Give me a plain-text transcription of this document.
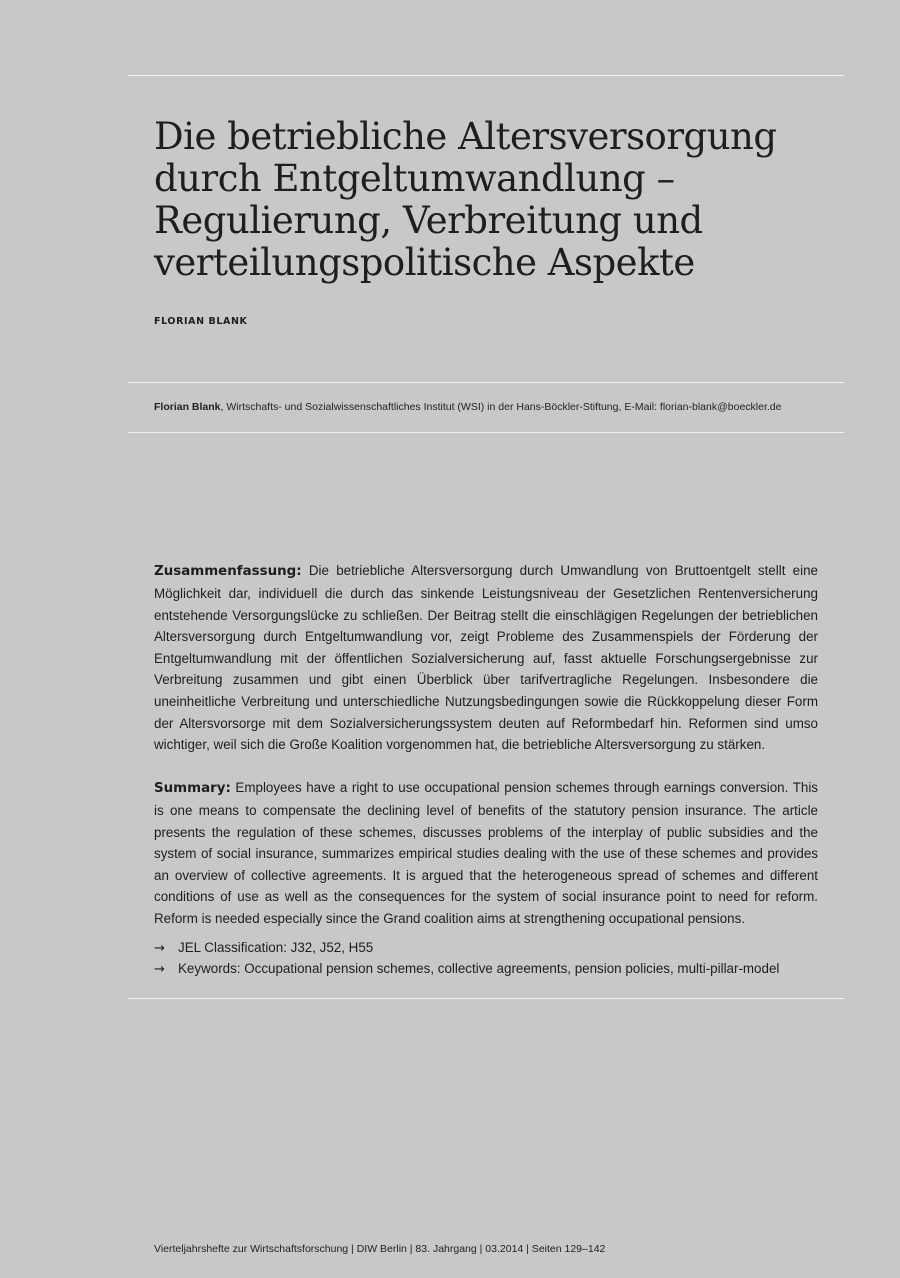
Die betriebliche Altersversorgung
durch Entgeltumwandlung –
Regulierung, Verbreitung und
verteilungspolitische Aspekte
FLORIAN BLANK
Florian Blank, Wirtschafts- und Sozialwissenschaftliches Institut (WSI) in der Hans-Böckler-Stiftung, E-Mail: florian-blank@boeckler.de

Zusammenfassung: Die betriebliche Altersversorgung durch Umwandlung von Bruttoentgelt stellt eine Möglichkeit dar, individuell die durch das sinkende Leistungsniveau der Gesetzlichen Rentenversicherung entstehende Versorgungslücke zu schließen. Der Beitrag stellt die einschlägigen Regelungen der betrieblichen Altersversorgung durch Entgeltumwandlung vor, zeigt Probleme des Zusammenspiels der Förderung der Entgeltumwandlung mit der öffentlichen Sozialversicherung auf, fasst aktuelle Forschungsergebnisse zur Verbreitung zusammen und gibt einen Überblick über tarifvertragliche Regelungen. Insbesondere die uneinheitliche Verbreitung und unterschiedliche Nutzungsbedingungen sowie die Rückkoppelung dieser Form der Altersvorsorge mit dem Sozialversicherungssystem deuten auf Reformbedarf hin. Reformen sind umso wichtiger, weil sich die Große Koalition vorgenommen hat, die betriebliche Altersversorgung zu stärken.

Summary: Employees have a right to use occupational pension schemes through earnings conversion. This is one means to compensate the declining level of benefits of the statutory pension insurance. The article presents the regulation of these schemes, discusses problems of the interplay of public subsidies and the system of social insurance, summarizes empirical studies dealing with the use of these schemes and provides an overview of collective agreements. It is argued that the heterogeneous spread of schemes and different conditions of use as well as the consequences for the system of social insurance point to need for reform. Reform is needed especially since the Grand coalition aims at strengthening occupational pensions.

→ JEL Classification: J32, J52, H55
→ Keywords: Occupational pension schemes, collective agreements, pension policies, multi-pillar-model
Vierteljahrshefte zur Wirtschaftsforschung | DIW Berlin | 83. Jahrgang | 03.2014 | Seiten 129–142
